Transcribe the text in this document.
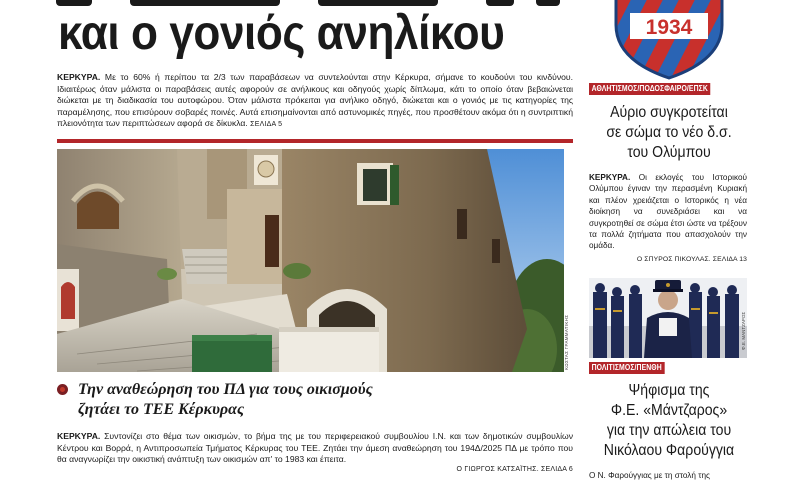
και ο γονιός ανηλίκου
ΚΕΡΚΥΡΑ. Με το 60% ή περίπου τα 2/3 των παραβάσεων να συντελούνται στην Κέρκυρα, σήμανε το κουδούνι του κινδύνου. Ιδιαιτέρως όταν μάλιστα οι παραβάσεις αυτές αφορούν σε ανήλικους και οδηγούς χωρίς δίπλωμα, κάτι το οποίο όταν βεβαιώνεται διώκεται με τη διαδικασία του αυτοφώρου. Όταν μάλιστα πρόκειται για ανήλικο οδηγό, διώκεται και ο γονιός με τις κατηγορίες της παραμέλησης, που επισύρουν σοβαρές ποινές. Αυτά επισημαίνονται από αστυνομικές πηγές, που προσθέτουν ακόμα ότι η συντριπτική πλειονότητα των περιπτώσεων αφορά σε δίκυκλα. ΣΕΛΙΔΑ 5
ΚΩΣΤΑΣ ΓΡΑΜΜΑΤΙΚΗΣ
Την αναθεώρηση του ΠΔ για τους οικισμούς
ζητάει το ΤΕΕ Κέρκυρας
ΚΕΡΚΥΡΑ. Συντονίζει στο θέμα των οικισμών, το βήμα της με του περιφερειακού συμβουλίου Ι.Ν. και των δημοτικών συμβουλίων Κέντρου και Βορρά, η Αντιπροσωπεία Τμήματος Κέρκυρας του ΤΕΕ. Ζητάει την άμεση αναθεώρηση του 194Δ/2025 ΠΔ με τρόπο που θα αναγνωρίζει την οικιστική ανάπτυξη των οικισμών απ' το 1983 και έπειτα.
Ο ΓΙΩΡΓΟΣ ΚΑΤΣΑΪΤΗΣ. ΣΕΛΙΔΑ 6
1934
ΑΘΛΗΤΙΣΜΟΣ/ΠΟΔΟΣΦΑΙΡΟ/ΕΠΣΚ
Αύριο συγκροτείται
σε σώμα το νέο δ.σ.
του Ολύμπου
ΚΕΡΚΥΡΑ. Οι εκλογές του Ιστορικού Ολύμπου έγιναν την περασμένη Κυριακή και πλέον χρειάζεται ο Ιστορικός η νέα διοίκηση να συνεδριάσει και να συγκροτηθεί σε σώμα έτσι ώστε να τρέξουν τα πολλά ζητήματα που απασχολούν την ομάδα.
Ο ΣΠΥΡΟΣ ΠΙΚΟΥΛΑΣ. ΣΕΛΙΔΑ 13
Φ.Ε. ΜΑΝΤΖΑΡΟΣ
ΠΟΛΙΤΙΣΜΟΣ/ΠΕΝΘΗ
Ψήφισμα της
Φ.Ε. «Μάντζαρος»
για την απώλεια του
Νικόλαου Φαρούγγια
Ο Ν. Φαρούγγιας με τη στολή της
